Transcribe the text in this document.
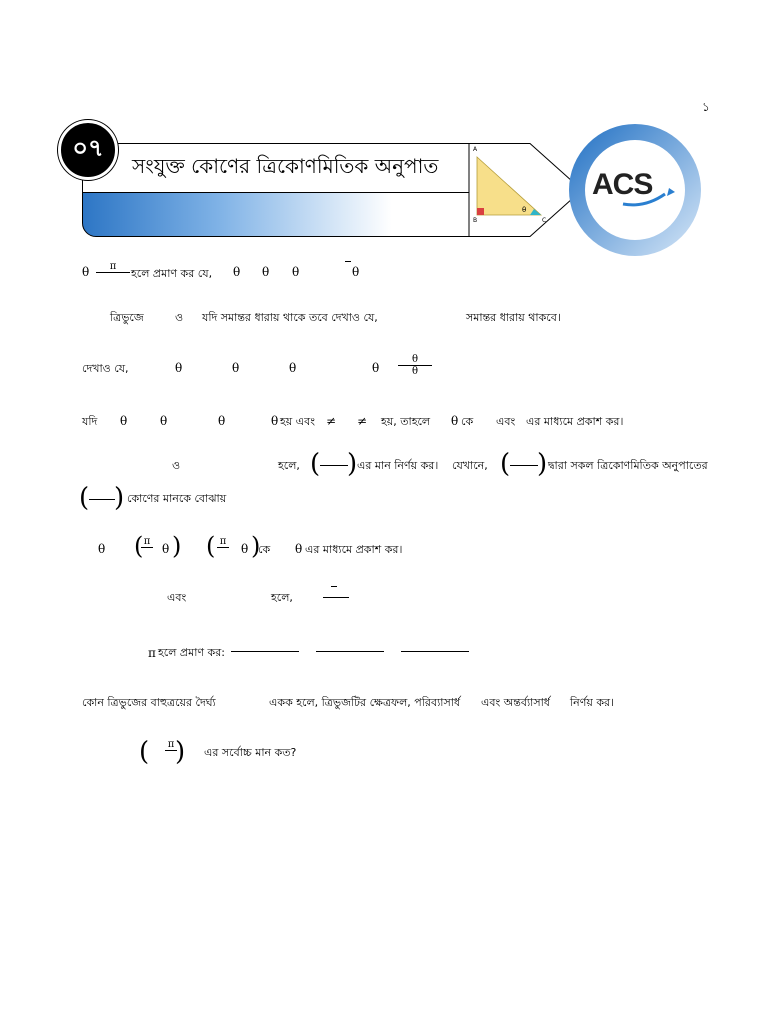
১
০৭
সংযুক্ত কোণের ত্রিকোণমিতিক অনুপাত
A
B	C
θ
ACS
θ π
হলে প্রমাণ কর যে, θ θ θ	θ
ত্রিভুজে	ও যদি সমান্তর ধারায় থাকে তবে দেখাও যে,	সমান্তর ধারায় থাকবে।
দেখাও যে,	θ	θ	θ	θ
θ
θ
যদি θ	θ	θ	θ হয় এবং ≠ ≠ হয়, তাহলে θ কে এবং এর মাধ্যমে প্রকাশ কর।
ও	হলে, ( ) এর মান নির্ণয় কর। যেখানে, ( ) দ্বারা সকল ত্রিকোণমিতিক অনুপাতের
( ) কোণের মানকে বোঝায়
θ ( π
θ ) ( π
θ )
কে θ এর মাধ্যমে প্রকাশ কর।
এবং	হলে,
π হলে প্রমাণ কর:
কোন ত্রিভুজের বাহুত্রয়ের দৈর্ঘ্য	একক হলে, ত্রিভুজটির ক্ষেত্রফল, পরিব্যাসার্ধ এবং অন্তর্ব্যাসার্ধ নির্ণয় কর।
( π ) এর সর্বোচ্চ মান কত?
